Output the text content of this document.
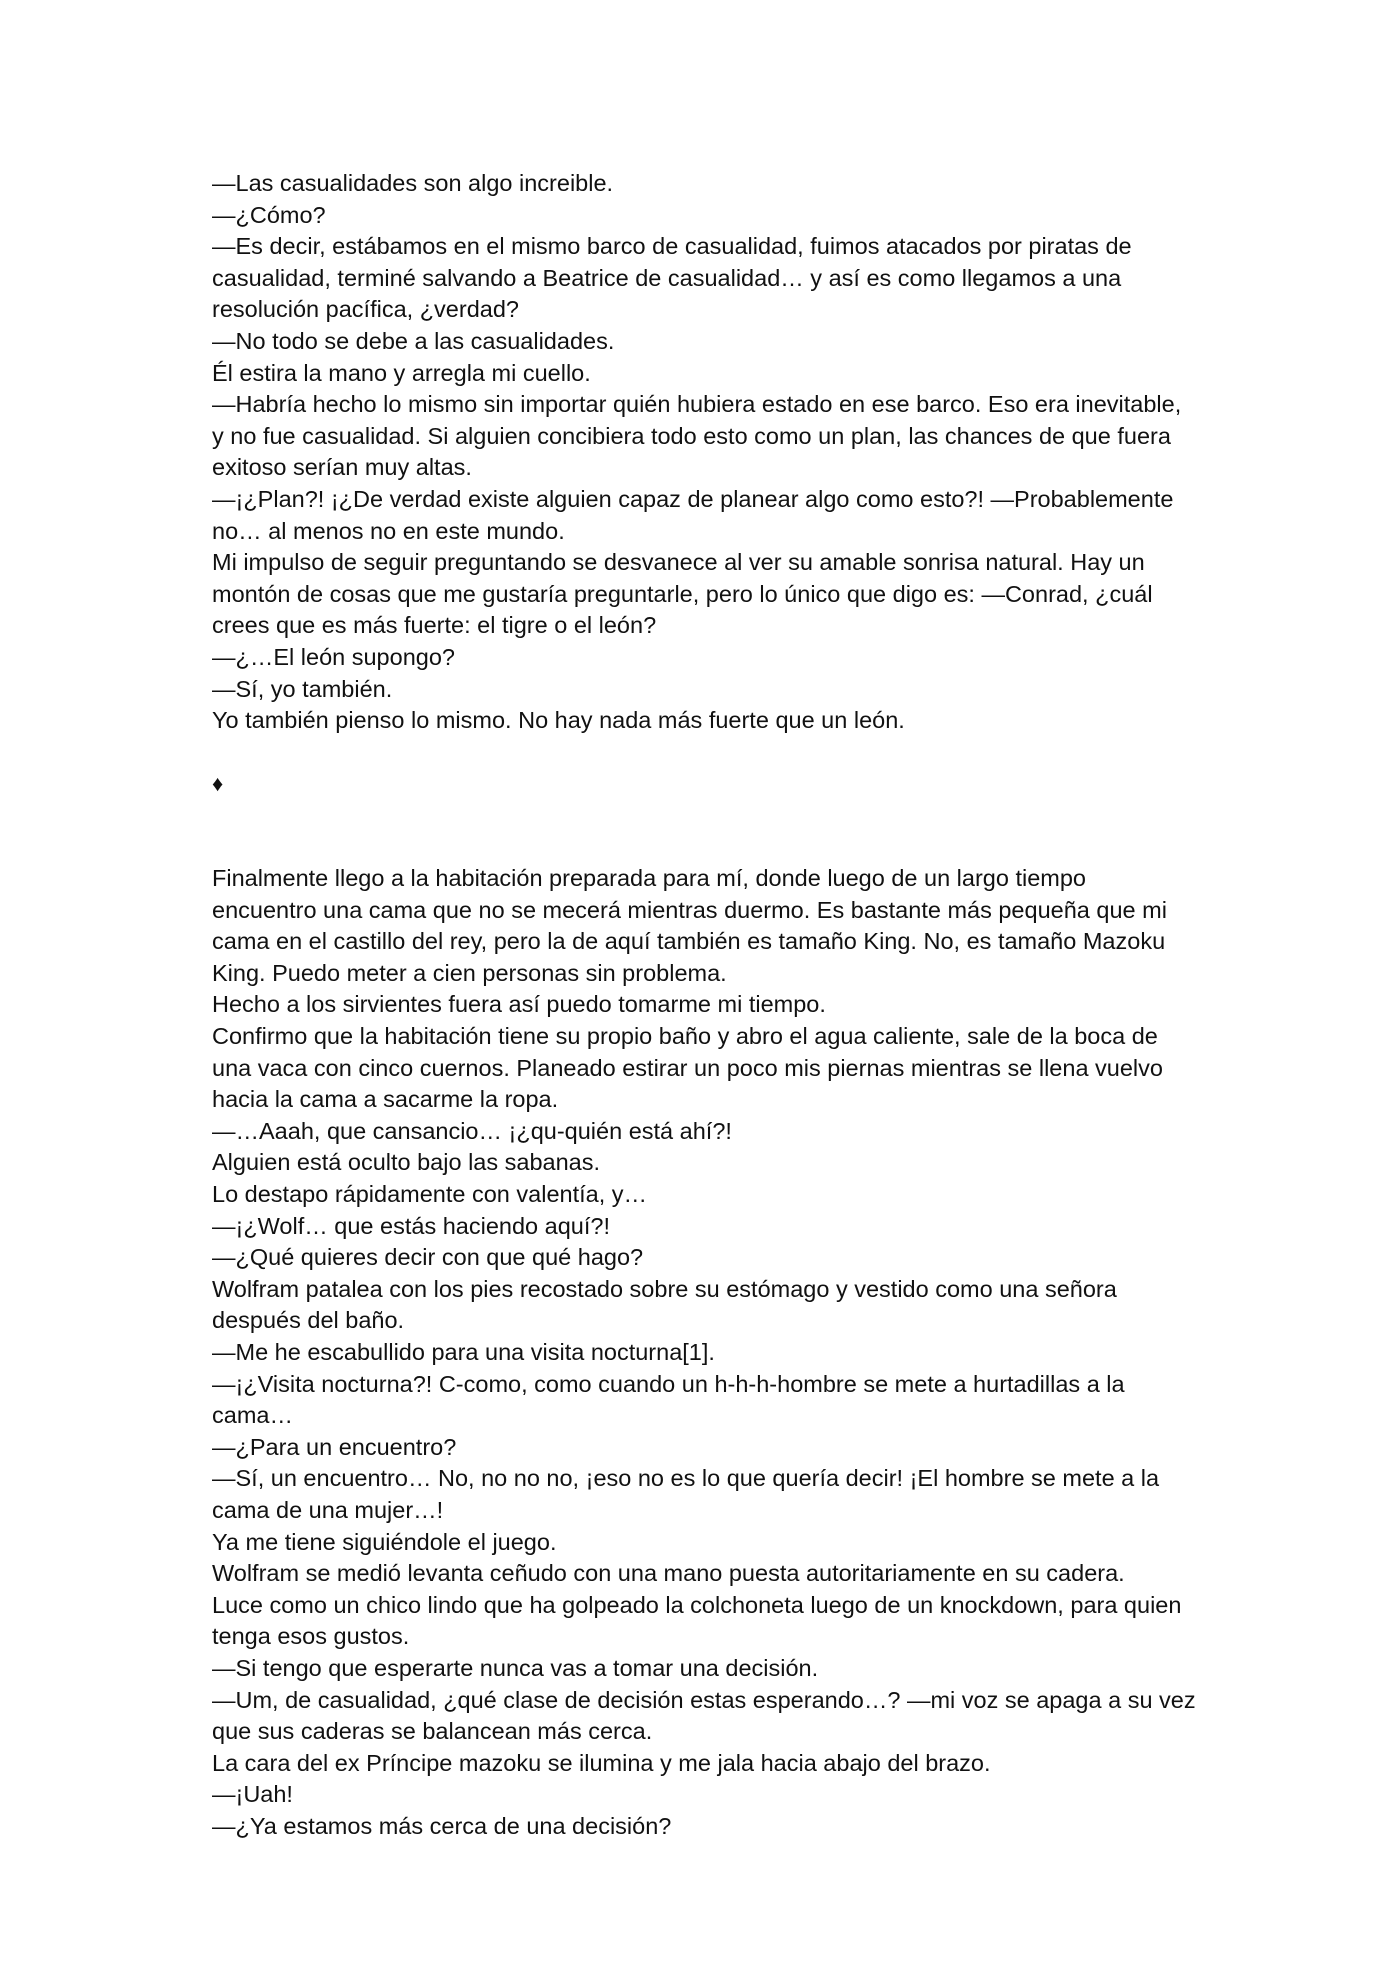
—Las casualidades son algo increible.

—¿Cómo?

—Es decir, estábamos en el mismo barco de casualidad, fuimos atacados por piratas de

casualidad, terminé salvando a Beatrice de casualidad… y así es como llegamos a una

resolución pacífica, ¿verdad?

—No todo se debe a las casualidades.

Él estira la mano y arregla mi cuello.

—Habría hecho lo mismo sin importar quién hubiera estado en ese barco. Eso era inevitable,

y no fue casualidad. Si alguien concibiera todo esto como un plan, las chances de que fuera

exitoso serían muy altas.

—¡¿Plan?! ¡¿De verdad existe alguien capaz de planear algo como esto?! —Probablemente

no… al menos no en este mundo.

Mi impulso de seguir preguntando se desvanece al ver su amable sonrisa natural. Hay un

montón de cosas que me gustaría preguntarle, pero lo único que digo es: —Conrad, ¿cuál

crees que es más fuerte: el tigre o el león?

—¿…El león supongo?

—Sí, yo también.

Yo también pienso lo mismo. No hay nada más fuerte que un león.

♦

Finalmente llego a la habitación preparada para mí, donde luego de un largo tiempo

encuentro una cama que no se mecerá mientras duermo. Es bastante más pequeña que mi

cama en el castillo del rey, pero la de aquí también es tamaño King. No, es tamaño Mazoku

King. Puedo meter a cien personas sin problema.

Hecho a los sirvientes fuera así puedo tomarme mi tiempo.

Confirmo que la habitación tiene su propio baño y abro el agua caliente, sale de la boca de

una vaca con cinco cuernos. Planeado estirar un poco mis piernas mientras se llena vuelvo

hacia la cama a sacarme la ropa.

—…Aaah, que cansancio… ¡¿qu-quién está ahí?!

Alguien está oculto bajo las sabanas.

Lo destapo rápidamente con valentía, y…

—¡¿Wolf… que estás haciendo aquí?!

—¿Qué quieres decir con que qué hago?

Wolfram patalea con los pies recostado sobre su estómago y vestido como una señora

después del baño.

—Me he escabullido para una visita nocturna[1].

—¡¿Visita nocturna?! C-como, como cuando un h-h-h-hombre se mete a hurtadillas a la

cama…

—¿Para un encuentro?

—Sí, un encuentro… No, no no no, ¡eso no es lo que quería decir! ¡El hombre se mete a la

cama de una mujer…!

Ya me tiene siguiéndole el juego.

Wolfram se medió levanta ceñudo con una mano puesta autoritariamente en su cadera.

Luce como un chico lindo que ha golpeado la colchoneta luego de un knockdown, para quien

tenga esos gustos.

—Si tengo que esperarte nunca vas a tomar una decisión.

—Um, de casualidad, ¿qué clase de decisión estas esperando…? —mi voz se apaga a su vez

que sus caderas se balancean más cerca.

La cara del ex Príncipe mazoku se ilumina y me jala hacia abajo del brazo.

—¡Uah!

—¿Ya estamos más cerca de una decisión?
